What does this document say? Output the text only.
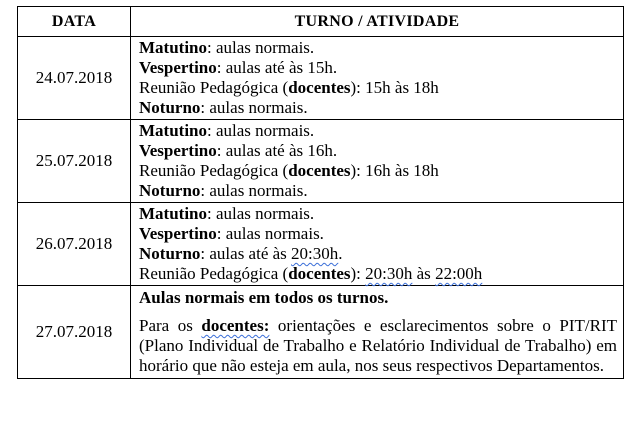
DATA	TURNO / ATIVIDADE
24.07.2018	Matutino: aulas normais.
Vespertino: aulas até às 15h.
Reunião Pedagógica (docentes): 15h às 18h
Noturno: aulas normais.

25.07.2018	Matutino: aulas normais.
Vespertino: aulas até às 16h.
Reunião Pedagógica (docentes): 16h às 18h
Noturno: aulas normais.

26.07.2018	Matutino: aulas normais.
Vespertino: aulas normais.
Noturno: aulas até às 20:30h.
Reunião Pedagógica (docentes): 20:30h às 22:00h

27.07.2018	Aulas normais em todos os turnos.
Para os docentes: orientações e esclarecimentos sobre o PIT/RIT (Plano Individual de Trabalho e Relatório Individual de Trabalho) em horário que não esteja em aula, nos seus respectivos Departamentos.
